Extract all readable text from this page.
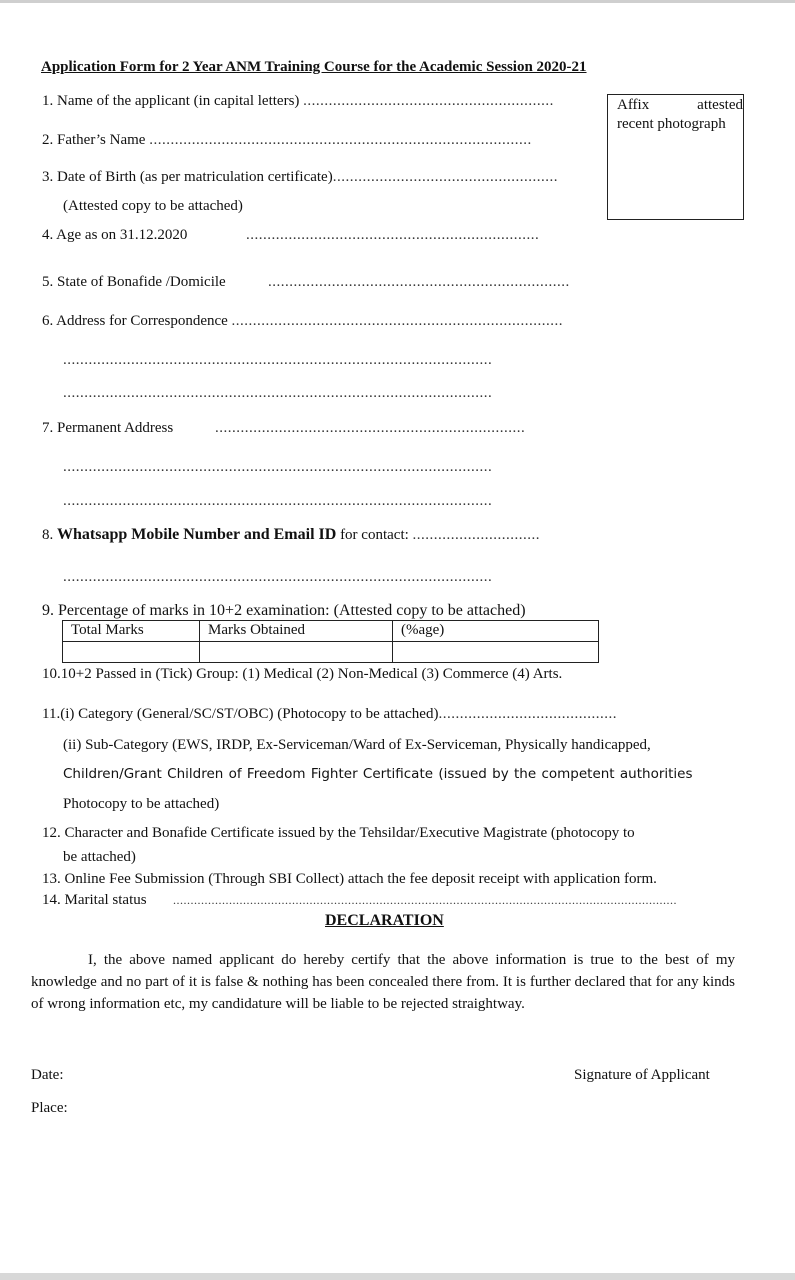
Application Form for 2 Year ANM Training Course for the Academic Session 2020-21
Affix	attested
recent photograph
1. Name of the applicant (in capital letters) ...........................................................
2. Father’s Name ..........................................................................................
3. Date of Birth (as per matriculation certificate).....................................................
(Attested copy to be attached)
4. Age as on 31.12.2020	.....................................................................
5. State of Bonafide /Domicile	.......................................................................
6. Address for Correspondence ..............................................................................
.....................................................................................................
.....................................................................................................
7. Permanent Address	.........................................................................
.....................................................................................................
.....................................................................................................
8. Whatsapp Mobile Number and Email ID for contact: ..............................
.....................................................................................................
9. Percentage of marks in 10+2 examination: (Attested copy to be attached)
Total Marks	Marks Obtained	(%age)

10.10+2 Passed in (Tick) Group: (1) Medical (2) Non-Medical (3) Commerce (4) Arts.
11.(i) Category (General/SC/ST/OBC) (Photocopy to be attached)..........................................
(ii) Sub-Category (EWS, IRDP, Ex-Serviceman/Ward of Ex-Serviceman, Physically handicapped,
Children/Grant Children of Freedom Fighter Certificate (issued by the competent authorities
Photocopy to be attached)
12. Character and Bonafide Certificate issued by the Tehsildar/Executive Magistrate (photocopy to
be attached)
13. Online Fee Submission (Through SBI Collect) attach the fee deposit receipt with application form.
14. Marital status ................................................................................................................................................
DECLARATION
I, the above named applicant do hereby certify that the above information is true to the best of my knowledge and no part of it is false & nothing has been concealed there from. It is further declared that for any kinds of wrong information etc, my candidature will be liable to be rejected straightway.
Date:	Signature of Applicant
Place:
